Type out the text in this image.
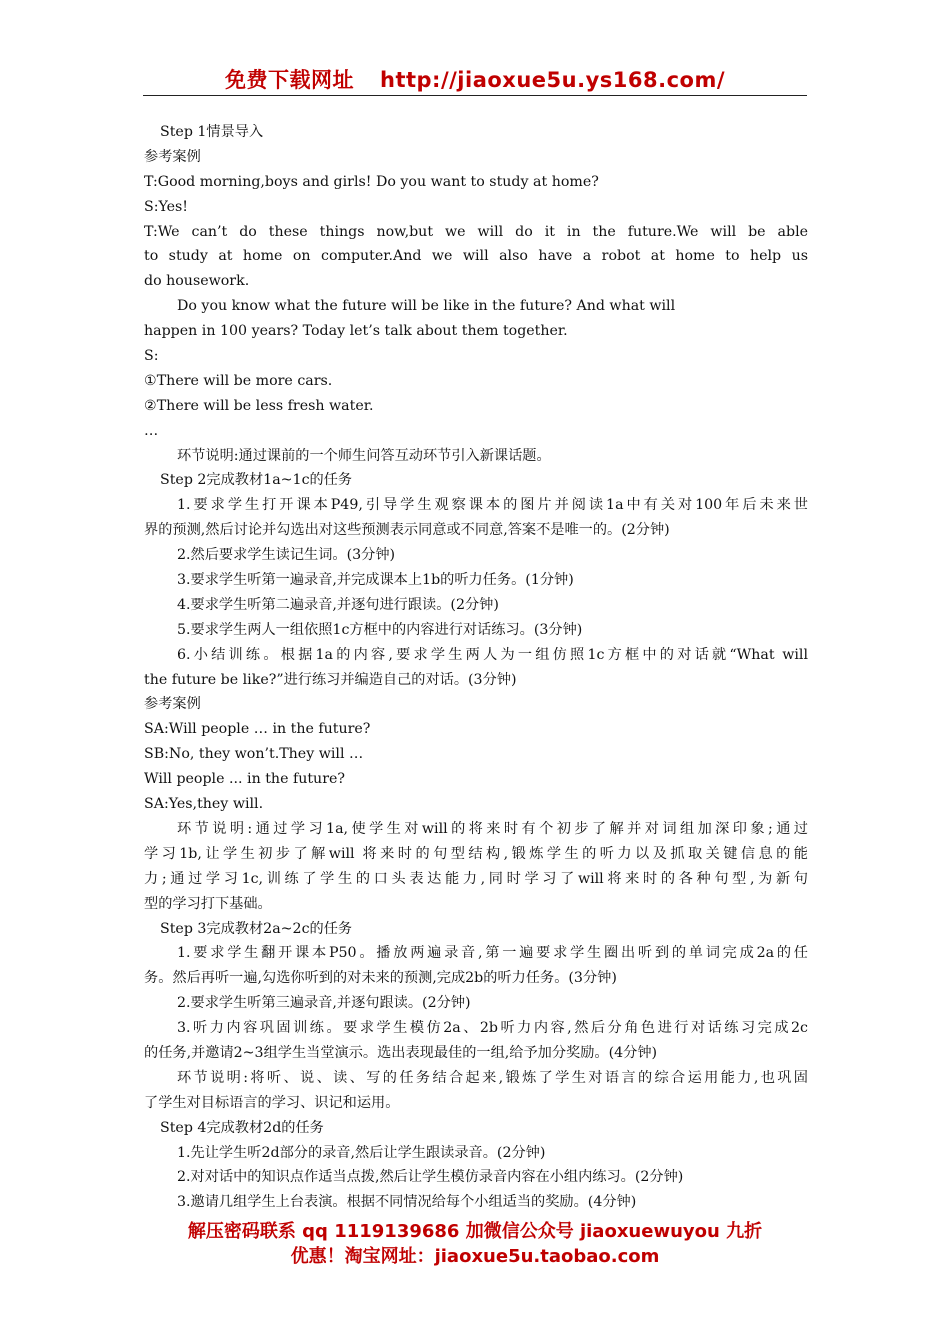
免费下载网址 http://jiaoxue5u.ys168.com/
Step 1情景导入
参考案例
T:Good morning,boys and girls! Do you want to study at home?
S:Yes!
T:We can’t do these things now,but we will do it in the future.We will be able
to study at home on computer.And we will also have a robot at home to help us
do housework.
Do you know what the future will be like in the future? And what will
happen in 100 years? Today let’s talk about them together.
S:
①There will be more cars.
②There will be less fresh water.
…
环节说明:通过课前的一个师生问答互动环节引入新课话题。
Step 2完成教材1a~1c的任务
1.要求学生打开课本P49,引导学生观察课本的图片并阅读1a中有关对100年后未来世
界的预测,然后讨论并勾选出对这些预测表示同意或不同意,答案不是唯一的。(2分钟)
2.然后要求学生读记生词。(3分钟)
3.要求学生听第一遍录音,并完成课本上1b的听力任务。(1分钟)
4.要求学生听第二遍录音,并逐句进行跟读。(2分钟)
5.要求学生两人一组依照1c方框中的内容进行对话练习。(3分钟)
6.小结训练。根据1a的内容,要求学生两人为一组仿照1c方框中的对话就“What will
the future be like?”进行练习并编造自己的对话。(3分钟)
参考案例
SA:Will people … in the future?
SB:No, they won’t.They will …
Will people ... in the future?
SA:Yes,they will.
环节说明:通过学习1a,使学生对will的将来时有个初步了解并对词组加深印象;通过
学习1b,让学生初步了解will 将来时的句型结构,锻炼学生的听力以及抓取关键信息的能
力;通过学习1c,训练了学生的口头表达能力,同时学习了will将来时的各种句型,为新句
型的学习打下基础。
Step 3完成教材2a~2c的任务
1.要求学生翻开课本P50。播放两遍录音,第一遍要求学生圈出听到的单词完成2a的任
务。然后再听一遍,勾选你听到的对未来的预测,完成2b的听力任务。(3分钟)
2.要求学生听第三遍录音,并逐句跟读。(2分钟)
3.听力内容巩固训练。要求学生模仿2a、2b听力内容,然后分角色进行对话练习完成2c
的任务,并邀请2~3组学生当堂演示。选出表现最佳的一组,给予加分奖励。(4分钟)
环节说明:将听、说、读、写的任务结合起来,锻炼了学生对语言的综合运用能力,也巩固
了学生对目标语言的学习、识记和运用。
Step 4完成教材2d的任务
1.先让学生听2d部分的录音,然后让学生跟读录音。(2分钟)
2.对对话中的知识点作适当点拨,然后让学生模仿录音内容在小组内练习。(2分钟)
3.邀请几组学生上台表演。根据不同情况给每个小组适当的奖励。(4分钟)
解压密码联系 qq 1119139686 加微信公众号 jiaoxuewuyou 九折
优惠！淘宝网址：jiaoxue5u.taobao.com
